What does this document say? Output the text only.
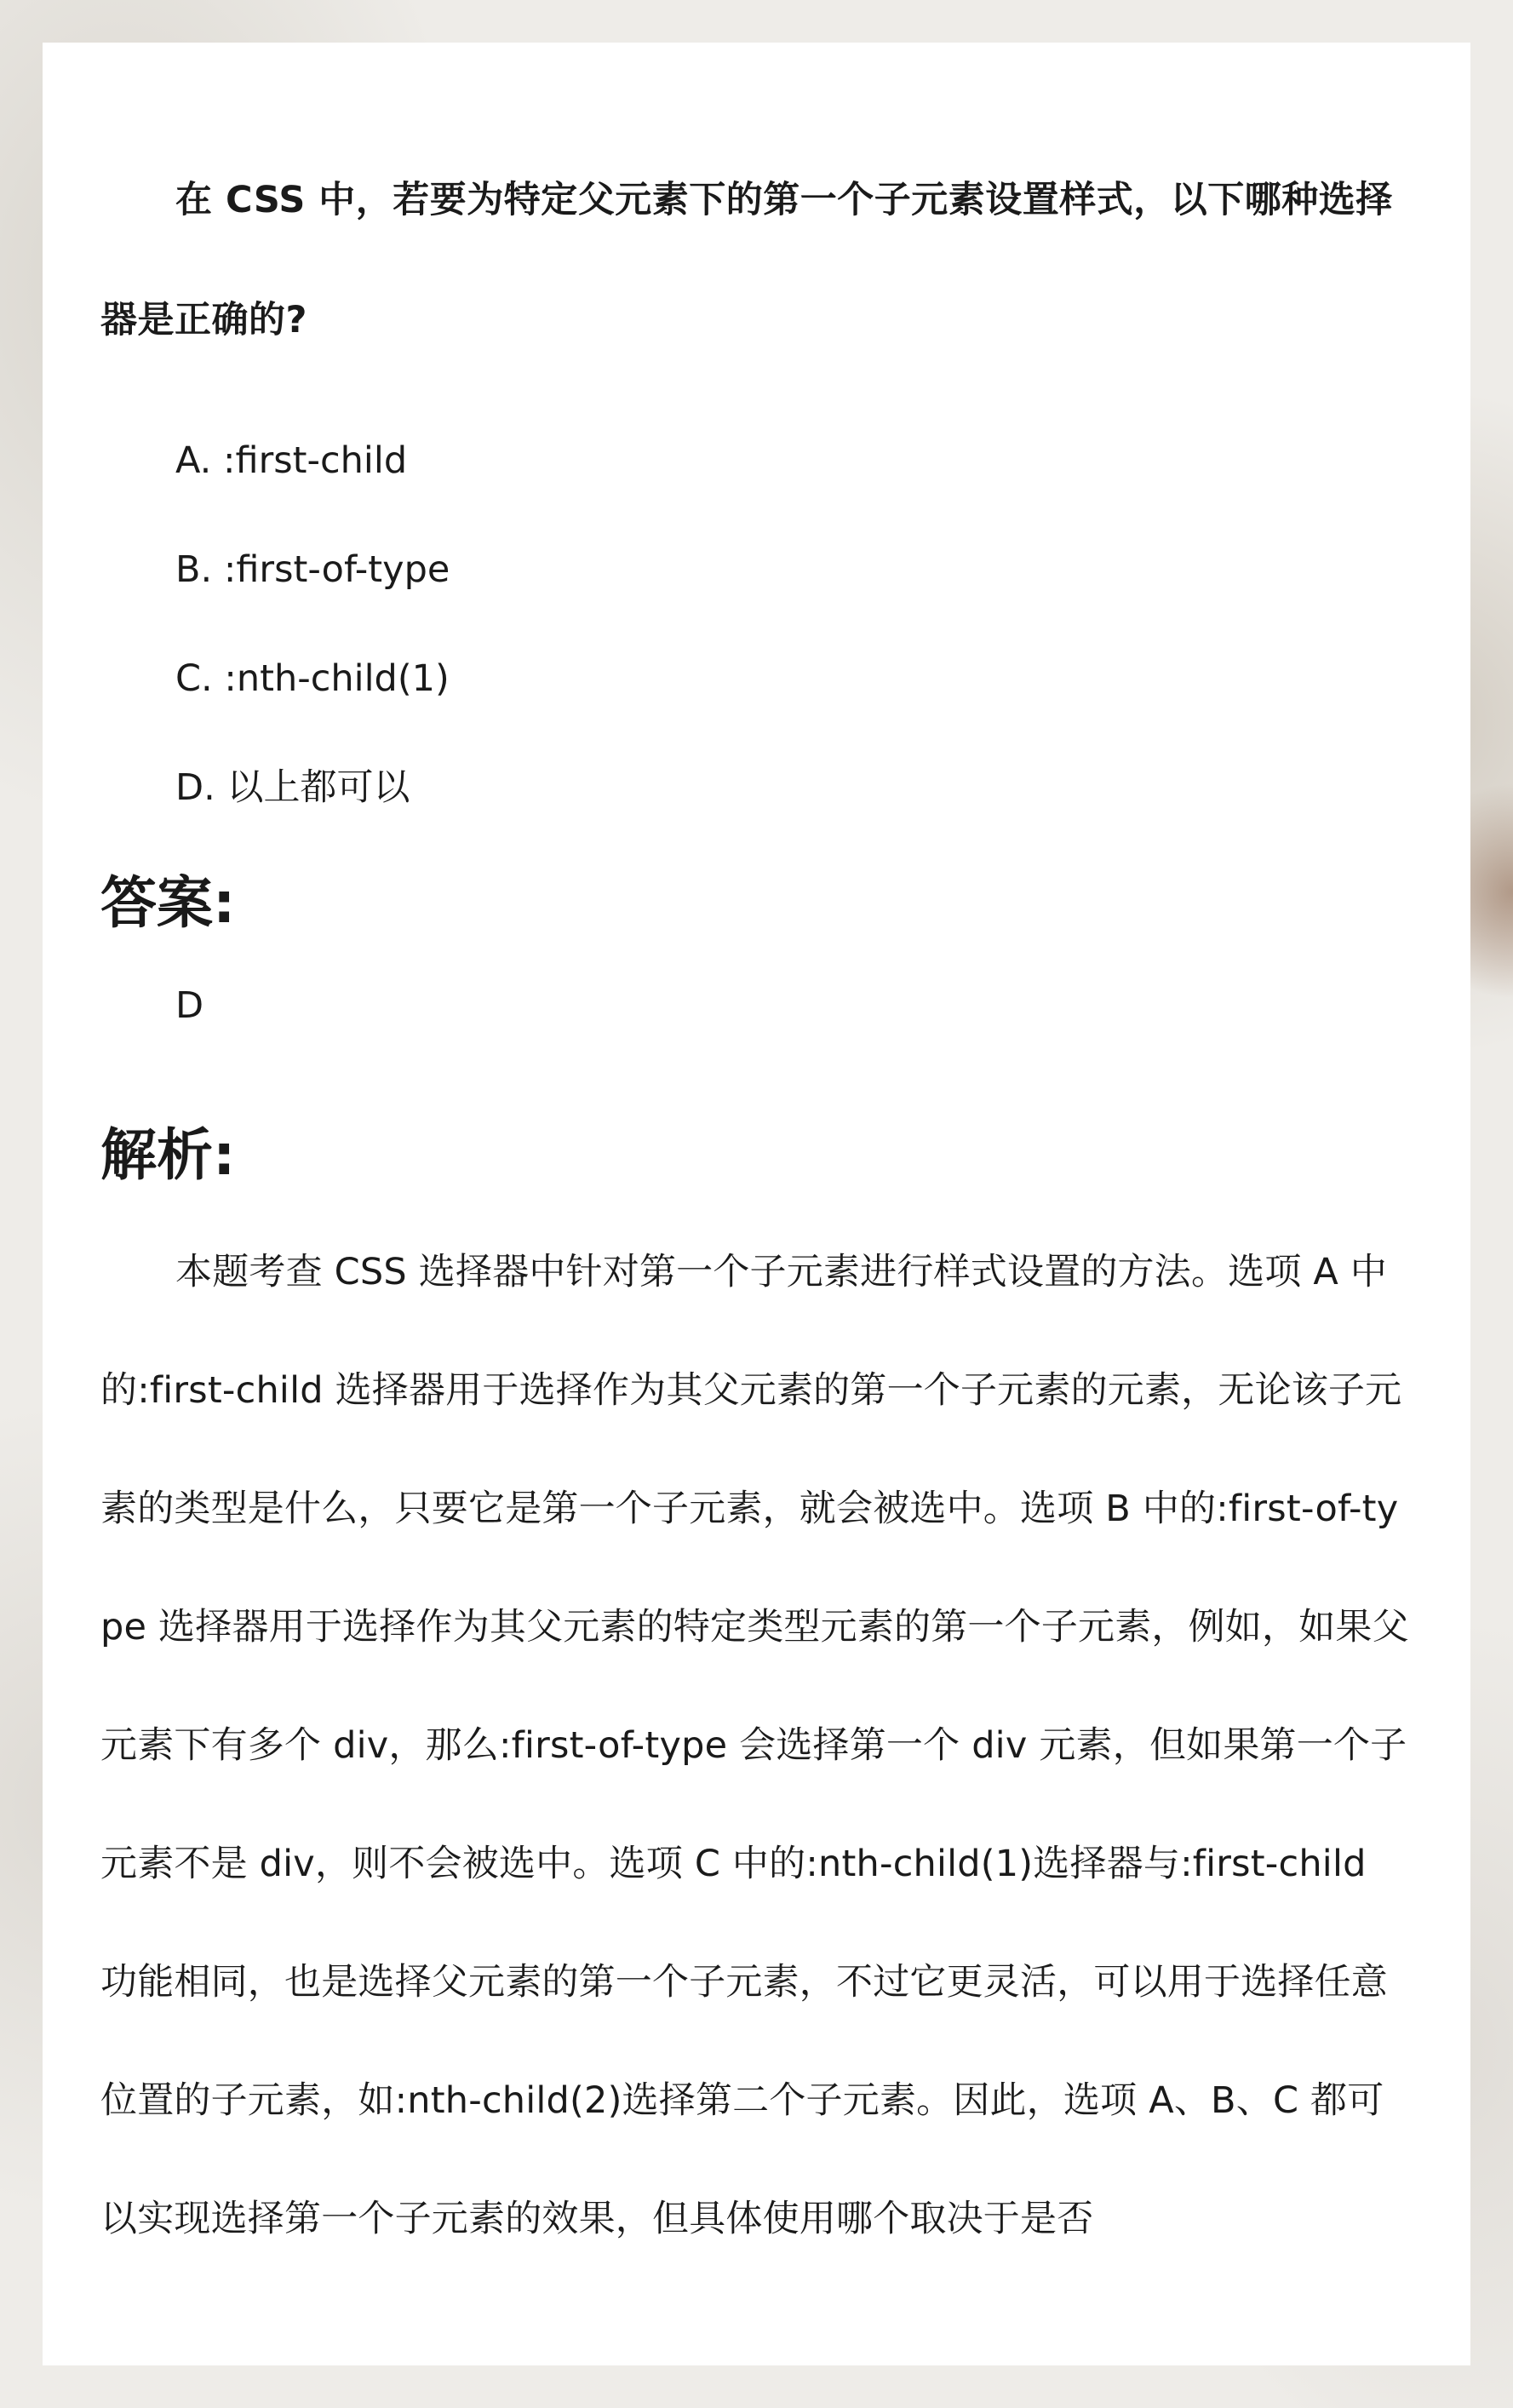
在 CSS 中，若要为特定父元素下的第一个子元素设置样式，以下哪种选择器是正确的?

A. :first-child
B. :first-of-type
C. :nth-child(1)
D. 以上都可以
答案:
D
解析:

本题考查 CSS 选择器中针对第一个子元素进行样式设置的方法。选项 A 中的:first-child 选择器用于选择作为其父元素的第一个子元素的元素，无论该子元素的类型是什么，只要它是第一个子元素，就会被选中。选项 B 中的:first-of-type 选择器用于选择作为其父元素的特定类型元素的第一个子元素，例如，如果父元素下有多个 div，那么:first-of-type 会选择第一个 div 元素，但如果第一个子元素不是 div，则不会被选中。选项 C 中的:nth-child(1)选择器与:first-child 功能相同，也是选择父元素的第一个子元素，不过它更灵活，可以用于选择任意位置的子元素，如:nth-child(2)选择第二个子元素。因此，选项 A、B、C 都可以实现选择第一个子元素的效果，但具体使用哪个取决于是否
